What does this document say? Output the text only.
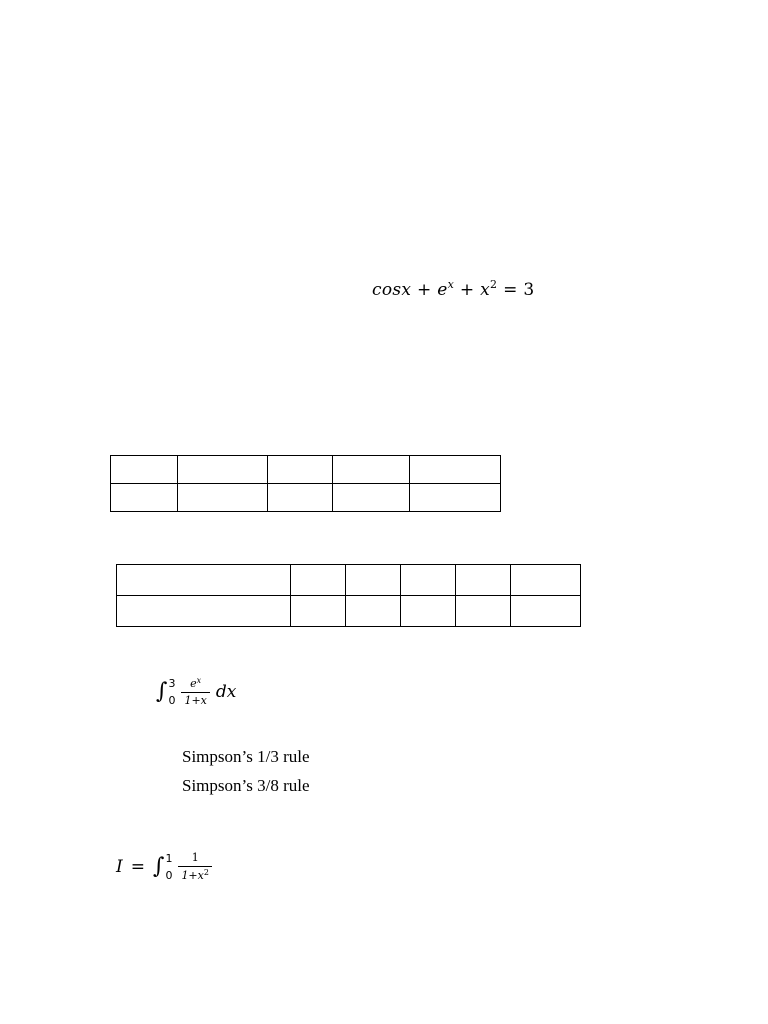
$\cos x + e^x + x^2 = 3$

∫ 3
$0 \frac{e^x}{1+x}$ dx
Simpson’s 1/3 rule
Simpson’s 3/8 rule
I = ∫ 1
$0 \frac{1}{1+x^2}$
